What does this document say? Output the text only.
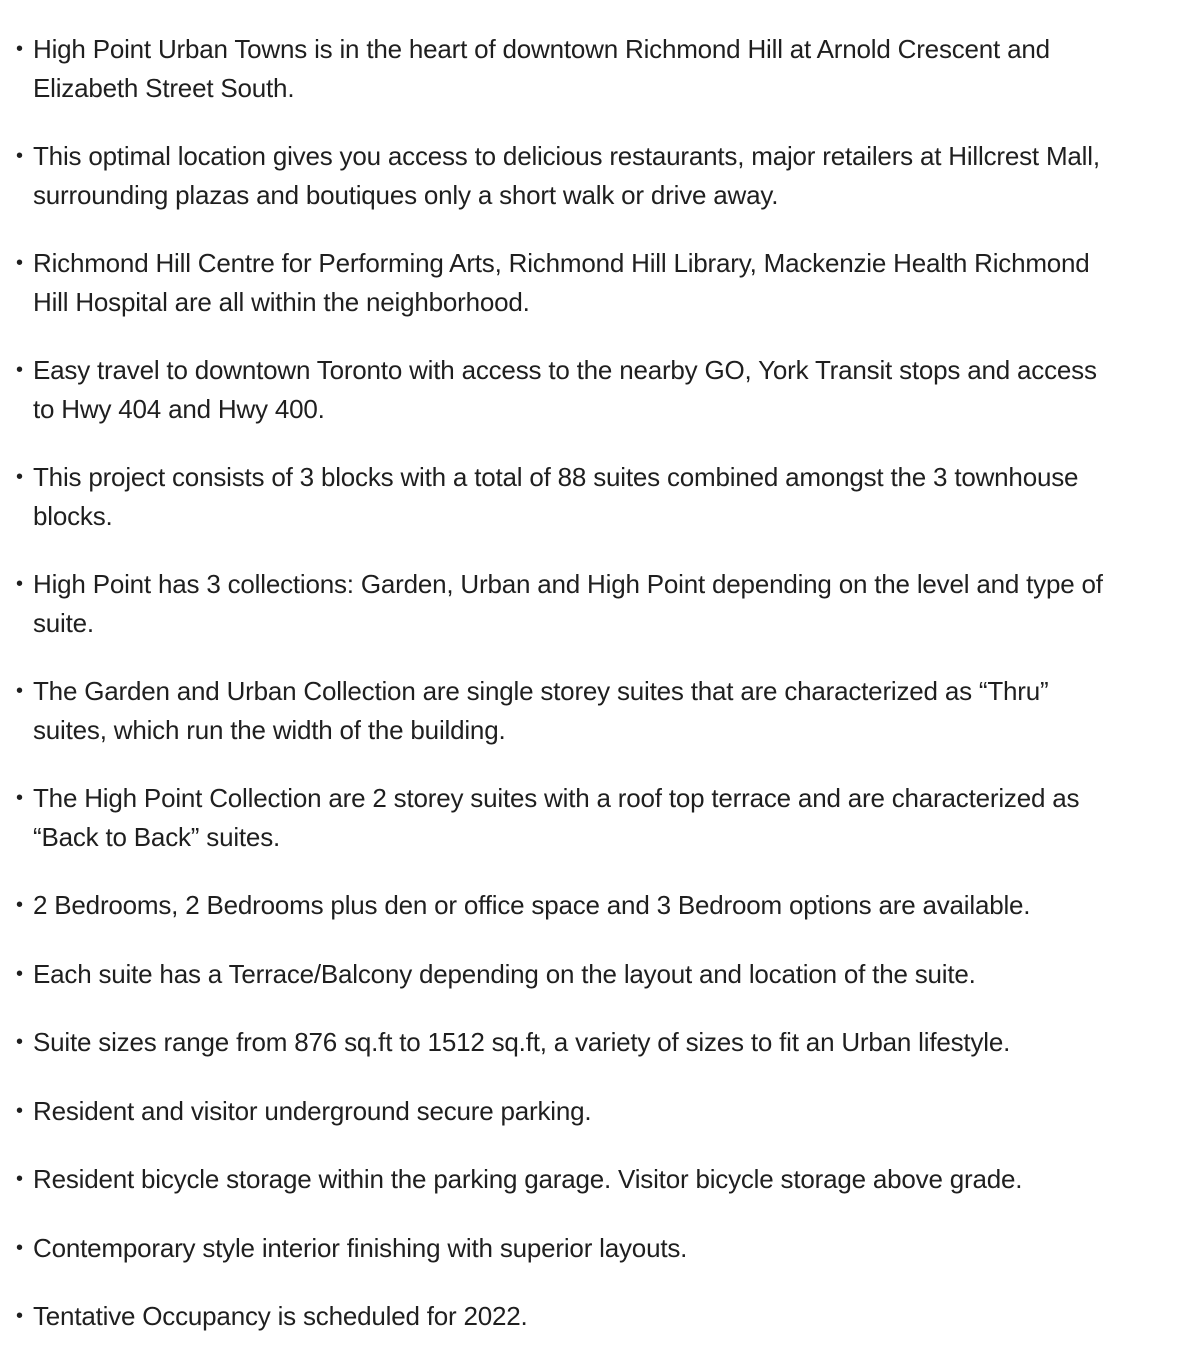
• High Point Urban Towns is in the heart of downtown Richmond Hill at Arnold Crescent and Elizabeth Street South.
• This optimal location gives you access to delicious restaurants, major retailers at Hillcrest Mall, surrounding plazas and boutiques only a short walk or drive away.
• Richmond Hill Centre for Performing Arts, Richmond Hill Library, Mackenzie Health Richmond Hill Hospital are all within the neighborhood.
• Easy travel to downtown Toronto with access to the nearby GO, York Transit stops and access to Hwy 404 and Hwy 400.
• This project consists of 3 blocks with a total of 88 suites combined amongst the 3 townhouse blocks.
• High Point has 3 collections: Garden, Urban and High Point depending on the level and type of suite.
• The Garden and Urban Collection are single storey suites that are characterized as “Thru” suites, which run the width of the building.
• The High Point Collection are 2 storey suites with a roof top terrace and are characterized as “Back to Back” suites.
• 2 Bedrooms, 2 Bedrooms plus den or office space and 3 Bedroom options are available.
• Each suite has a Terrace/Balcony depending on the layout and location of the suite.
• Suite sizes range from 876 sq.ft to 1512 sq.ft, a variety of sizes to fit an Urban lifestyle.
• Resident and visitor underground secure parking.
• Resident bicycle storage within the parking garage. Visitor bicycle storage above grade.
• Contemporary style interior finishing with superior layouts.
• Tentative Occupancy is scheduled for 2022.
